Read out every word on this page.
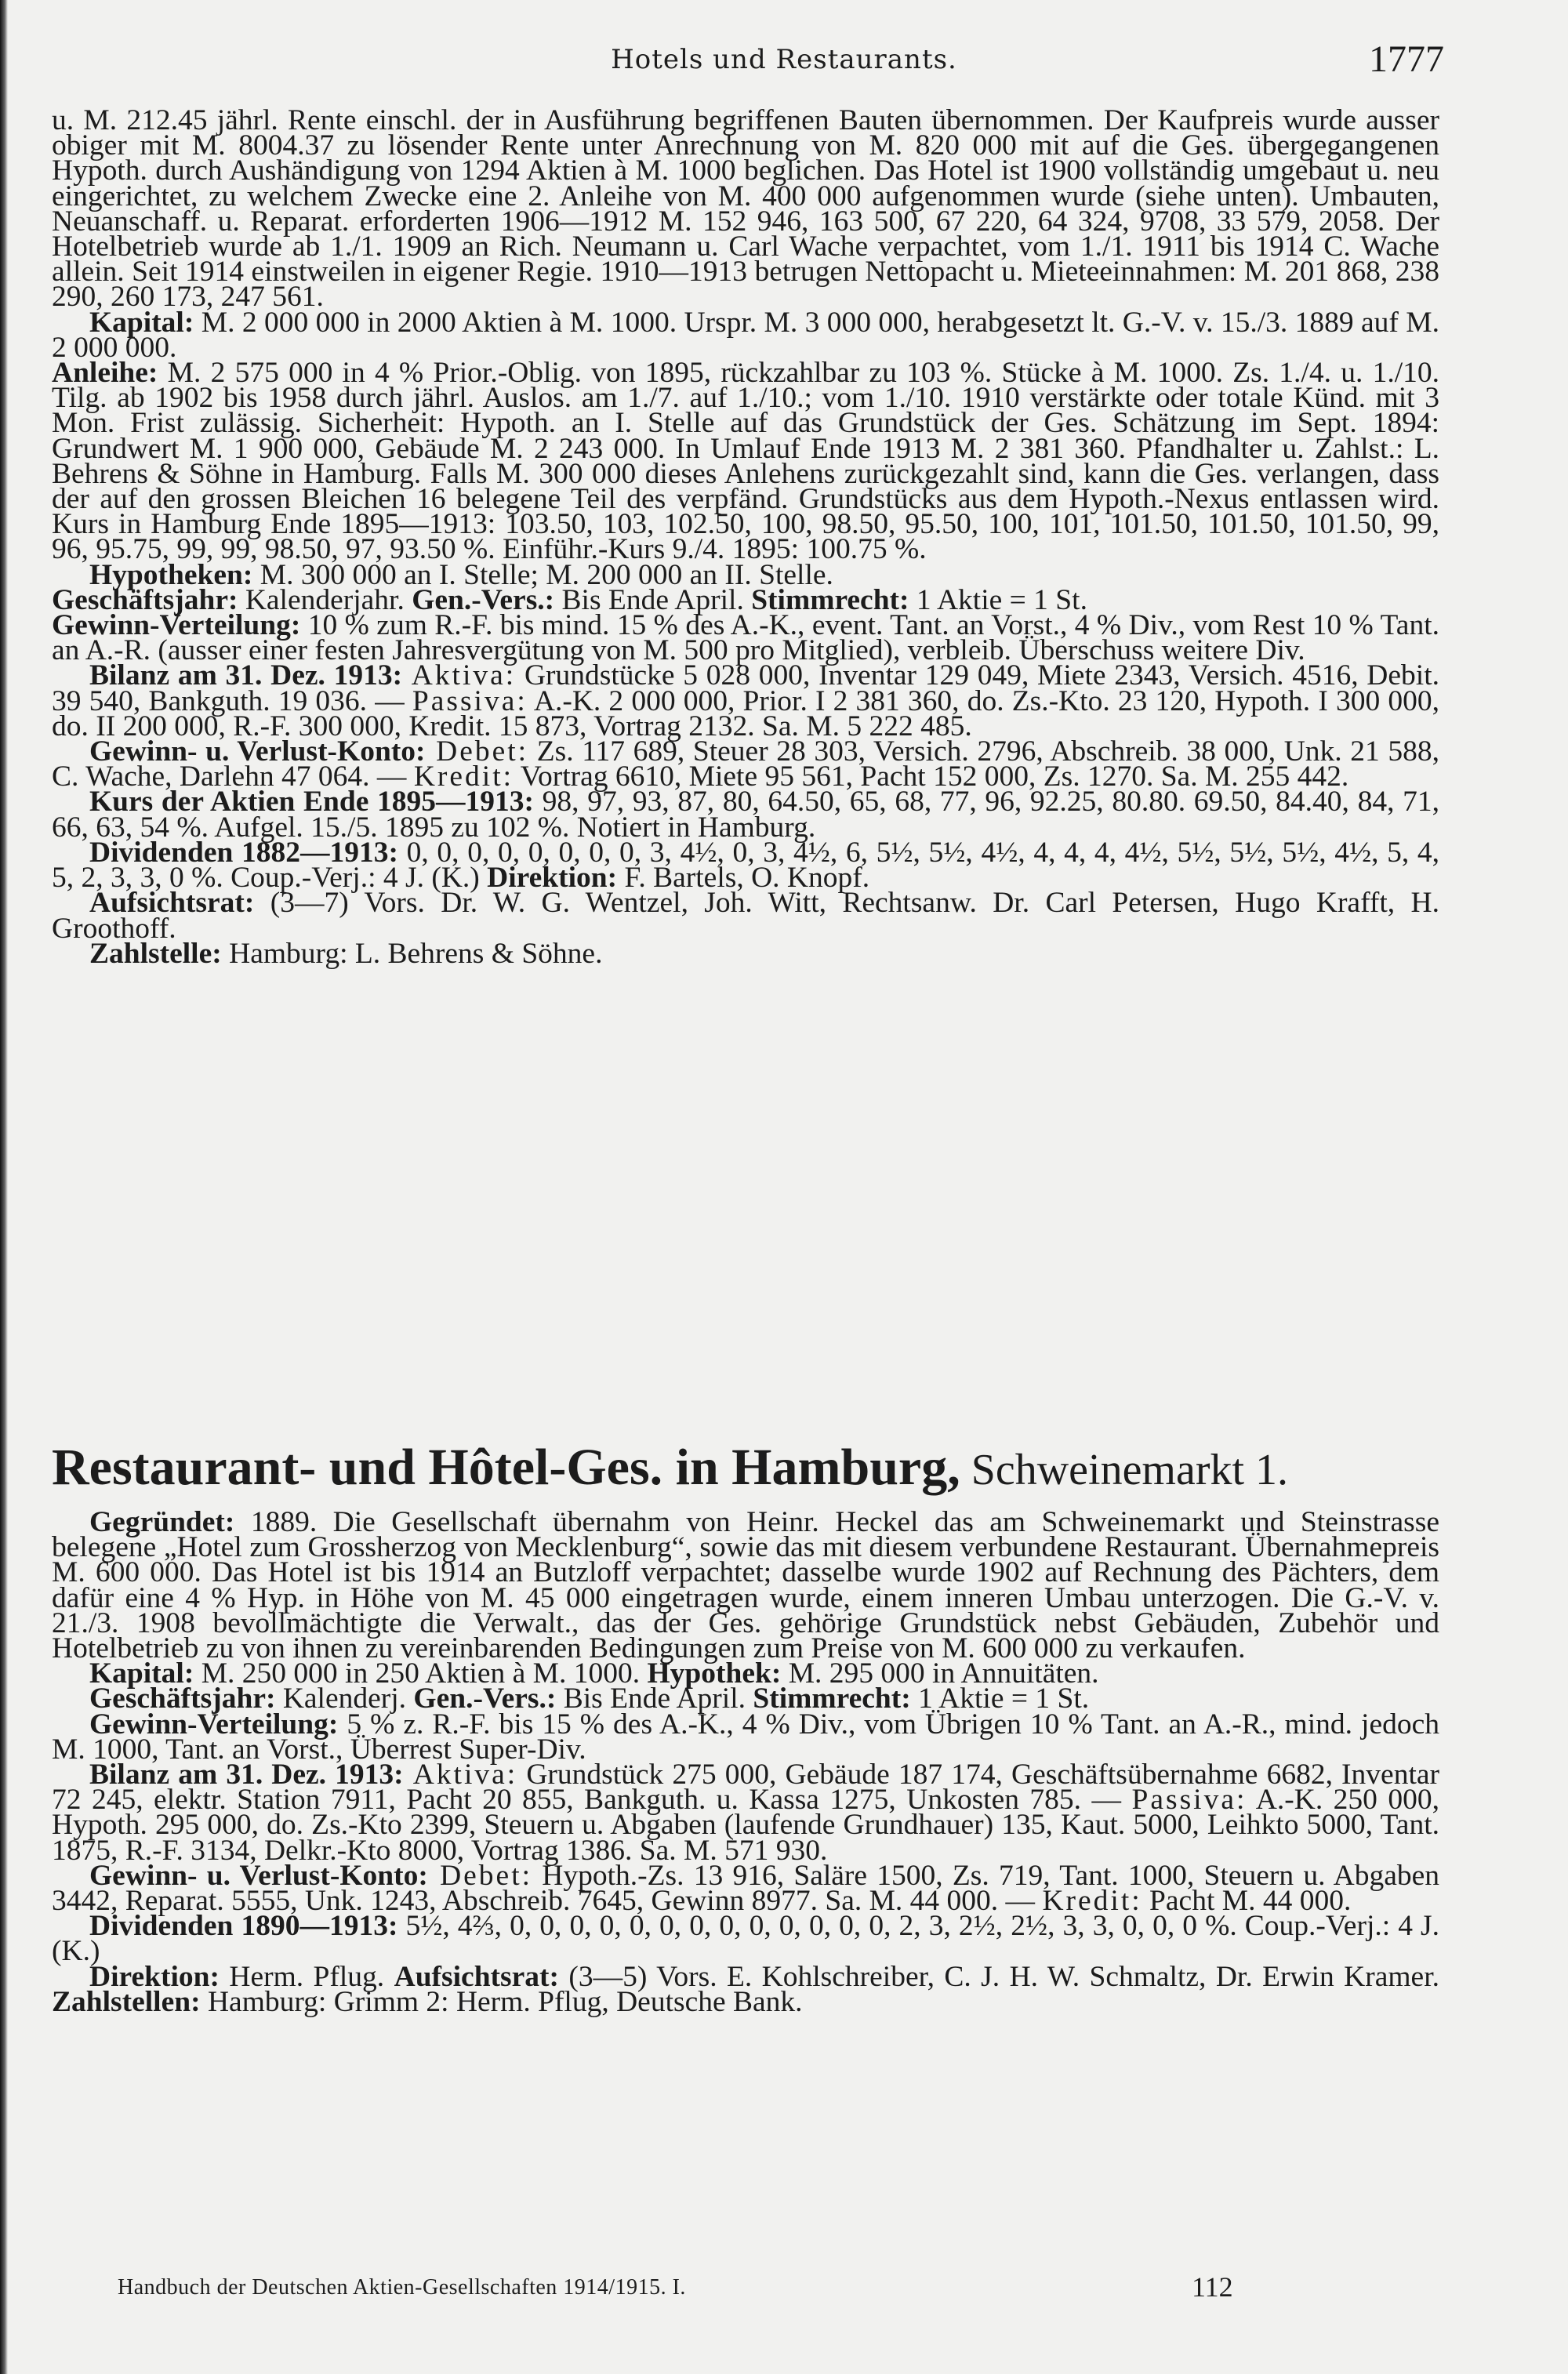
Hotels und Restaurants.	1777

u. M. 212.45 jährl. Rente einschl. der in Ausführung begriffenen Bauten übernommen. Der Kaufpreis wurde ausser obiger mit M. 8004.37 zu lösender Rente unter Anrechnung von M. 820 000 mit auf die Ges. übergegangenen Hypoth. durch Aushändigung von 1294 Aktien à M. 1000 beglichen. Das Hotel ist 1900 vollständig umgebaut u. neu eingerichtet, zu welchem Zwecke eine 2. Anleihe von M. 400 000 aufgenommen wurde (siehe unten). Umbauten, Neuanschaff. u. Reparat. erforderten 1906—1912 M. 152 946, 163 500, 67 220, 64 324, 9708, 33 579, 2058. Der Hotelbetrieb wurde ab 1./1. 1909 an Rich. Neumann u. Carl Wache verpachtet, vom 1./1. 1911 bis 1914 C. Wache allein. Seit 1914 einstweilen in eigener Regie. 1910—1913 betrugen Nettopacht u. Mieteeinnahmen: M. 201 868, 238 290, 260 173, 247 561.

Kapital: M. 2 000 000 in 2000 Aktien à M. 1000. Urspr. M. 3 000 000, herabgesetzt lt. G.-V. v. 15./3. 1889 auf M. 2 000 000.

Anleihe: M. 2 575 000 in 4 % Prior.-Oblig. von 1895, rückzahlbar zu 103 %. Stücke à M. 1000. Zs. 1./4. u. 1./10. Tilg. ab 1902 bis 1958 durch jährl. Auslos. am 1./7. auf 1./10.; vom 1./10. 1910 verstärkte oder totale Künd. mit 3 Mon. Frist zulässig. Sicherheit: Hypoth. an I. Stelle auf das Grundstück der Ges. Schätzung im Sept. 1894: Grundwert M. 1 900 000, Gebäude M. 2 243 000. In Umlauf Ende 1913 M. 2 381 360. Pfandhalter u. Zahlst.: L. Behrens & Söhne in Hamburg. Falls M. 300 000 dieses Anlehens zurückgezahlt sind, kann die Ges. verlangen, dass der auf den grossen Bleichen 16 belegene Teil des verpfänd. Grundstücks aus dem Hypoth.-Nexus entlassen wird. Kurs in Hamburg Ende 1895—1913: 103.50, 103, 102.50, 100, 98.50, 95.50, 100, 101, 101.50, 101.50, 101.50, 99, 96, 95.75, 99, 99, 98.50, 97, 93.50 %. Einführ.-Kurs 9./4. 1895: 100.75 %.

Hypotheken: M. 300 000 an I. Stelle; M. 200 000 an II. Stelle.

Geschäftsjahr: Kalenderjahr. Gen.-Vers.: Bis Ende April. Stimmrecht: 1 Aktie = 1 St.

Gewinn-Verteilung: 10 % zum R.-F. bis mind. 15 % des A.-K., event. Tant. an Vorst., 4 % Div., vom Rest 10 % Tant. an A.-R. (ausser einer festen Jahresvergütung von M. 500 pro Mitglied), verbleib. Überschuss weitere Div.

Bilanz am 31. Dez. 1913: Aktiva: Grundstücke 5 028 000, Inventar 129 049, Miete 2343, Versich. 4516, Debit. 39 540, Bankguth. 19 036. — Passiva: A.-K. 2 000 000, Prior. I 2 381 360, do. Zs.-Kto. 23 120, Hypoth. I 300 000, do. II 200 000, R.-F. 300 000, Kredit. 15 873, Vortrag 2132. Sa. M. 5 222 485.

Gewinn- u. Verlust-Konto: Debet: Zs. 117 689, Steuer 28 303, Versich. 2796, Abschreib. 38 000, Unk. 21 588, C. Wache, Darlehn 47 064. — Kredit: Vortrag 6610, Miete 95 561, Pacht 152 000, Zs. 1270. Sa. M. 255 442.

Kurs der Aktien Ende 1895—1913: 98, 97, 93, 87, 80, 64.50, 65, 68, 77, 96, 92.25, 80.80. 69.50, 84.40, 84, 71, 66, 63, 54 %. Aufgel. 15./5. 1895 zu 102 %. Notiert in Hamburg.

Dividenden 1882—1913: 0, 0, 0, 0, 0, 0, 0, 0, 3, 4½, 0, 3, 4½, 6, 5½, 5½, 4½, 4, 4, 4, 4½, 5½, 5½, 5½, 4½, 5, 4, 5, 2, 3, 3, 0 %. Coup.-Verj.: 4 J. (K.) Direktion: F. Bartels, O. Knopf.

Aufsichtsrat: (3—7) Vors. Dr. W. G. Wentzel, Joh. Witt, Rechtsanw. Dr. Carl Petersen, Hugo Krafft, H. Groothoff.

Zahlstelle: Hamburg: L. Behrens & Söhne.

Restaurant- und Hôtel-Ges. in Hamburg, Schweinemarkt 1.

Gegründet: 1889. Die Gesellschaft übernahm von Heinr. Heckel das am Schweinemarkt und Steinstrasse belegene „Hotel zum Grossherzog von Mecklenburg“, sowie das mit diesem verbundene Restaurant. Übernahmepreis M. 600 000. Das Hotel ist bis 1914 an Butzloff verpachtet; dasselbe wurde 1902 auf Rechnung des Pächters, dem dafür eine 4 % Hyp. in Höhe von M. 45 000 eingetragen wurde, einem inneren Umbau unterzogen. Die G.-V. v. 21./3. 1908 bevollmächtigte die Verwalt., das der Ges. gehörige Grundstück nebst Gebäuden, Zubehör und Hotelbetrieb zu von ihnen zu vereinbarenden Bedingungen zum Preise von M. 600 000 zu verkaufen.

Kapital: M. 250 000 in 250 Aktien à M. 1000. Hypothek: M. 295 000 in Annuitäten.

Geschäftsjahr: Kalenderj. Gen.-Vers.: Bis Ende April. Stimmrecht: 1 Aktie = 1 St.

Gewinn-Verteilung: 5 % z. R.-F. bis 15 % des A.-K., 4 % Div., vom Übrigen 10 % Tant. an A.-R., mind. jedoch M. 1000, Tant. an Vorst., Überrest Super-Div.

Bilanz am 31. Dez. 1913: Aktiva: Grundstück 275 000, Gebäude 187 174, Geschäftsübernahme 6682, Inventar 72 245, elektr. Station 7911, Pacht 20 855, Bankguth. u. Kassa 1275, Unkosten 785. — Passiva: A.-K. 250 000, Hypoth. 295 000, do. Zs.-Kto 2399, Steuern u. Abgaben (laufende Grundhauer) 135, Kaut. 5000, Leihkto 5000, Tant. 1875, R.-F. 3134, Delkr.-Kto 8000, Vortrag 1386. Sa. M. 571 930.

Gewinn- u. Verlust-Konto: Debet: Hypoth.-Zs. 13 916, Saläre 1500, Zs. 719, Tant. 1000, Steuern u. Abgaben 3442, Reparat. 5555, Unk. 1243, Abschreib. 7645, Gewinn 8977. Sa. M. 44 000. — Kredit: Pacht M. 44 000.

Dividenden 1890—1913: 5½, 4⅔, 0, 0, 0, 0, 0, 0, 0, 0, 0, 0, 0, 0, 0, 2, 3, 2½, 2½, 3, 3, 0, 0, 0 %. Coup.-Verj.: 4 J. (K.)

Direktion: Herm. Pflug. Aufsichtsrat: (3—5) Vors. E. Kohlschreiber, C. J. H. W. Schmaltz, Dr. Erwin Kramer. Zahlstellen: Hamburg: Grimm 2: Herm. Pflug, Deutsche Bank.

Handbuch der Deutschen Aktien-Gesellschaften 1914/1915. I.	112
